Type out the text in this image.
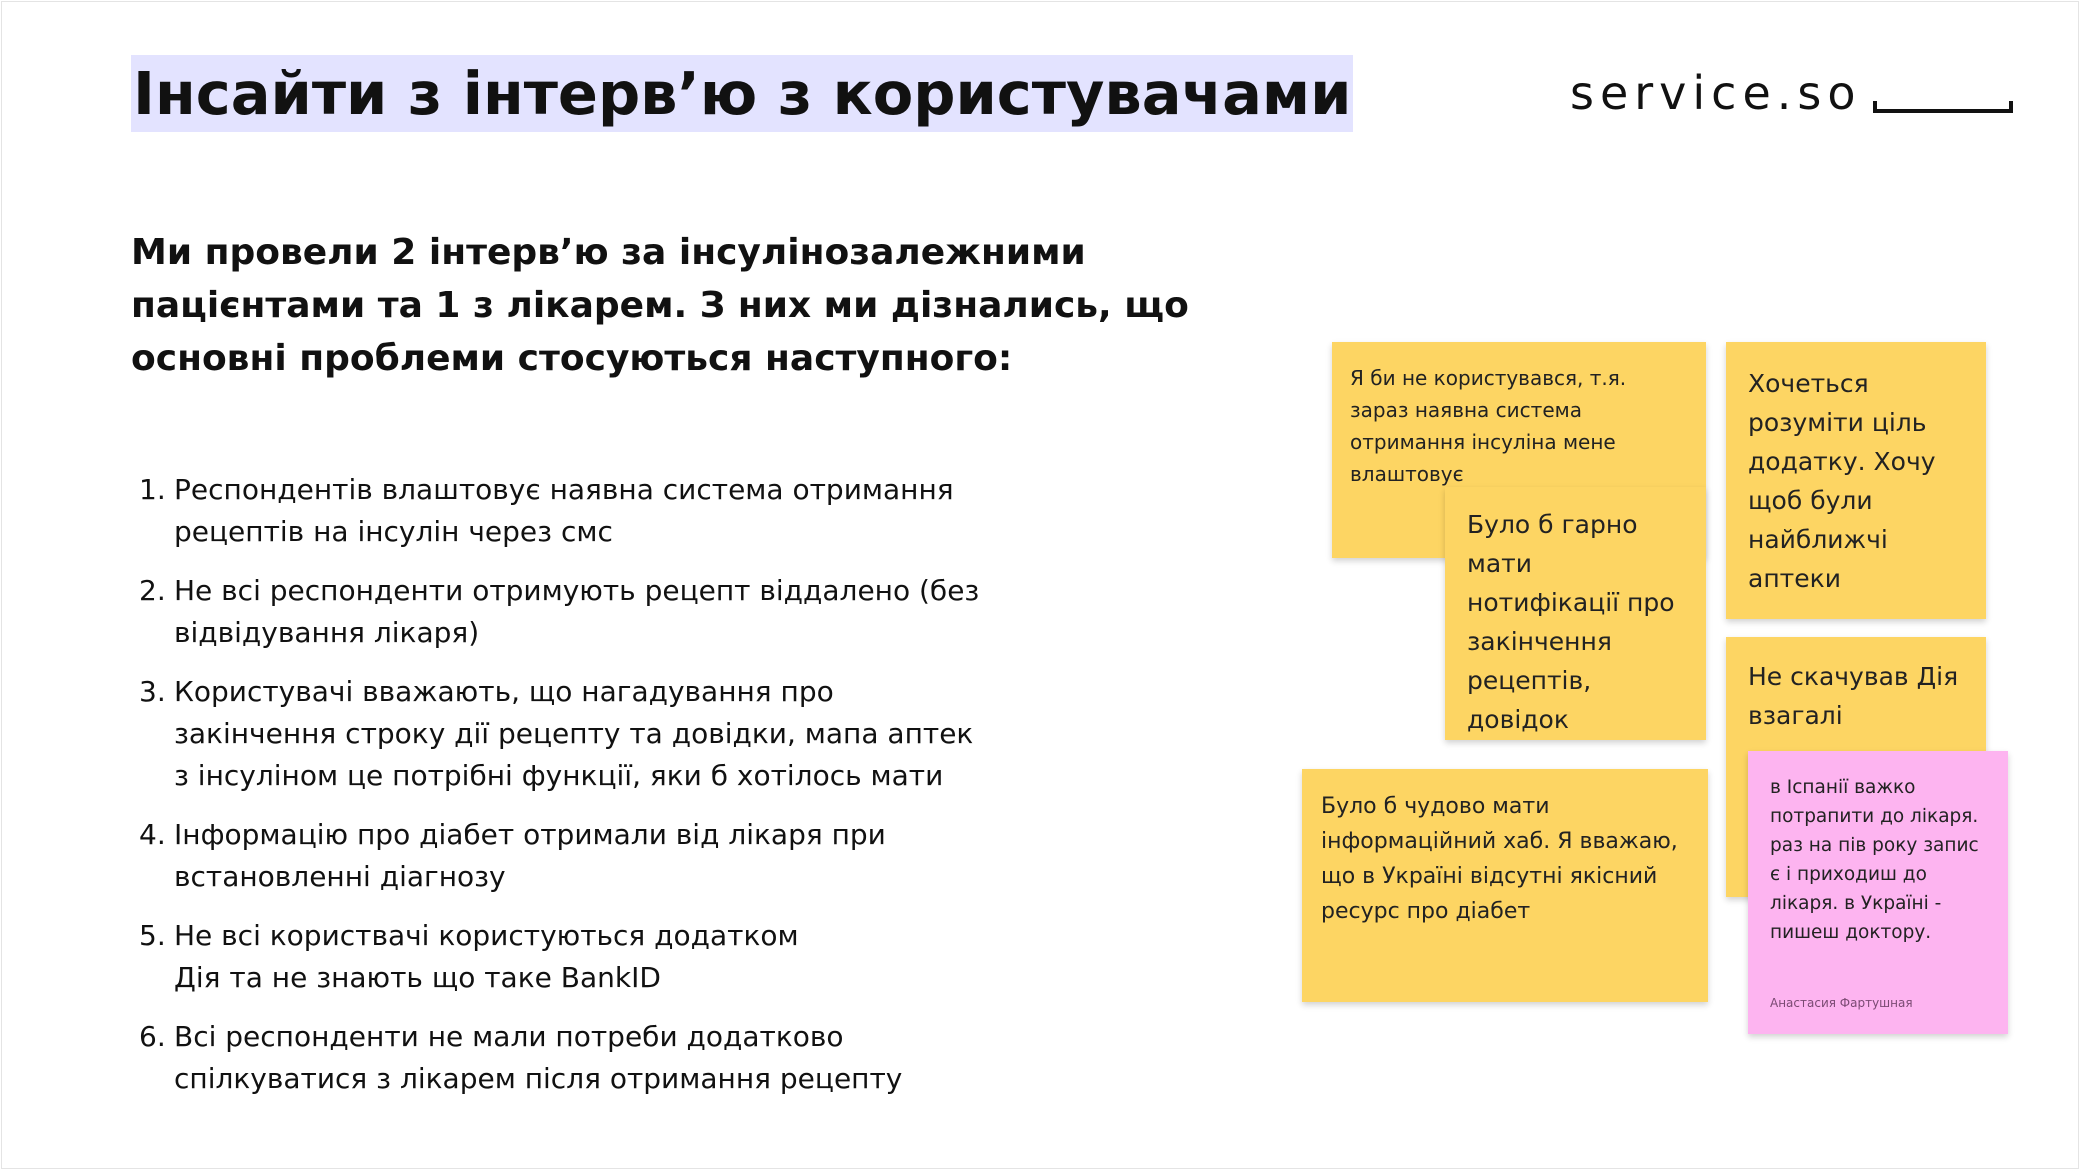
Інсайти з інтерв’ю з користувачами	service.so

Ми провели 2 інтерв’ю за інсулінозалежними пацієнтами та 1 з лікарем. З них ми дізнались, що основні проблеми стосуються наступного:

1. Респондентів влаштовує наявна система отримання
рецептів на інсулін через смс
2. Не всі респонденти отримують рецепт віддалено (без
відвідування лікаря)
3. Користувачі вважають, що нагадування про
закінчення строку дії рецепту та довідки, мапа аптек
з інсуліном це потрібні функції, яки б хотілось мати
4. Інформацію про діабет отримали від лікаря при
встановленні діагнозу
5. Не всі користвачі користуються додатком
Дія та не знають що таке BankID
6. Всі респонденти не мали потреби додатково
спілкуватися з лікарем після отримання рецепту

Я би не користувався, т.я. зараз наявна система отримання інсуліна мене влаштовує

Хочеться розуміти ціль додатку. Хочу щоб були найближчі аптеки

Не скачував Дія взагалі

Було б гарно мати нотифікації про закінчення рецептів, довідок

Було б чудово мати інформаційний хаб. Я вважаю, що в Україні відсутні якісний ресурс про діабет

в Іспанії важко потрапити до лікаря. раз на пів року запис є і приходиш до лікаря. в Україні - пишеш доктору.

Анастасия Фартушная
